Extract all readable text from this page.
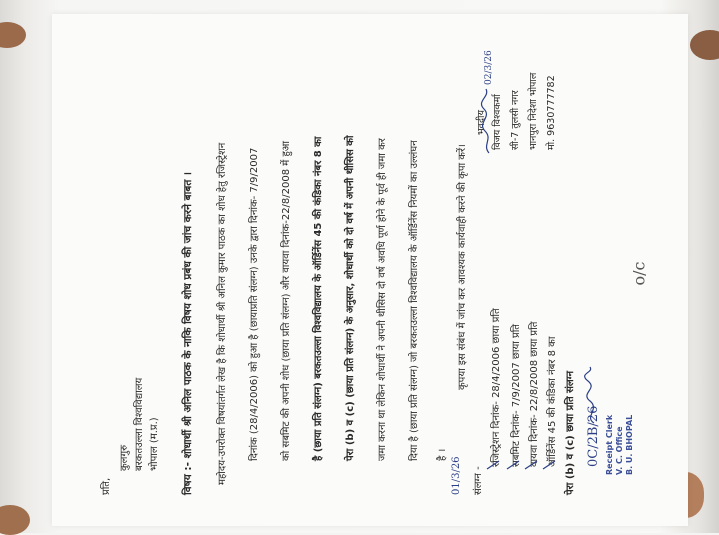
o/c
प्रति,
कुलगुरु बरकतउल्ला विश्वविद्यालय भोपाल (म.प्र.) विषय :- शोधार्थी श्री अनिल पाठक के नाकि विषय शोध प्रबंध की जांच करने बाबत । महोदय-उपरोक्त विषयांतर्गत लेख है कि शोधार्थी श्री अनिल कुमार पाठक का शोध हेतु रजिस्ट्रेशन दिनांक (28/4/2006) को हुआ है (छायाप्रति संलग्न) उनके द्वारा दिनांक- 7/9/2007 को सबमिट की अपनी शोध (छाया प्रति संलग्न) और वायवा दिनांक-22/8/2008 में हुआ है (छाया प्रति संलग्न) बरकतउल्ला विश्वविद्यालय के ऑर्डिनेंस 45 की कंडिका नंबर 8 का पेरा (b) व (c) (छाया प्रति संलग्न) के अनुसार, शोधार्थी को दो वर्ष में अपनी थीसिस को जमा करना था लेकिन शोधार्थी ने अपनी थीसिस दो वर्ष अवधि पूर्ण होने के पूर्व ही जमा कर दिया है (छाया प्रति संलग्न) जो बरकतउल्ला विश्वविद्यालय के ऑर्डिनेंस नियमों का उल्लंघन है ।
कृपया इस संबंध में जांच कर आवश्यक कार्यवाही करने की कृपा करें।
01/3/26 संलग्न -
रजिस्ट्रेशन दिनांक- 28/4/2006 छाया प्रति सबमिट दिनांक- 7/9/2007 छाया प्रति वायवा दिनांक- 22/8/2008 छाया प्रति ऑर्डिनेंस 45 की कंडिका नंबर 8 का पेरा (b) व (c) छाया प्रति संलग्न 0C/2B/26 Receipt Clerk V. C. Office B. U. BHOPAL
भवदीय विजय विश्वकर्मा
02/3/26
सी-7 तुलसी नगर भानपुरा निदेशा भोपाल मो. 9630777782
